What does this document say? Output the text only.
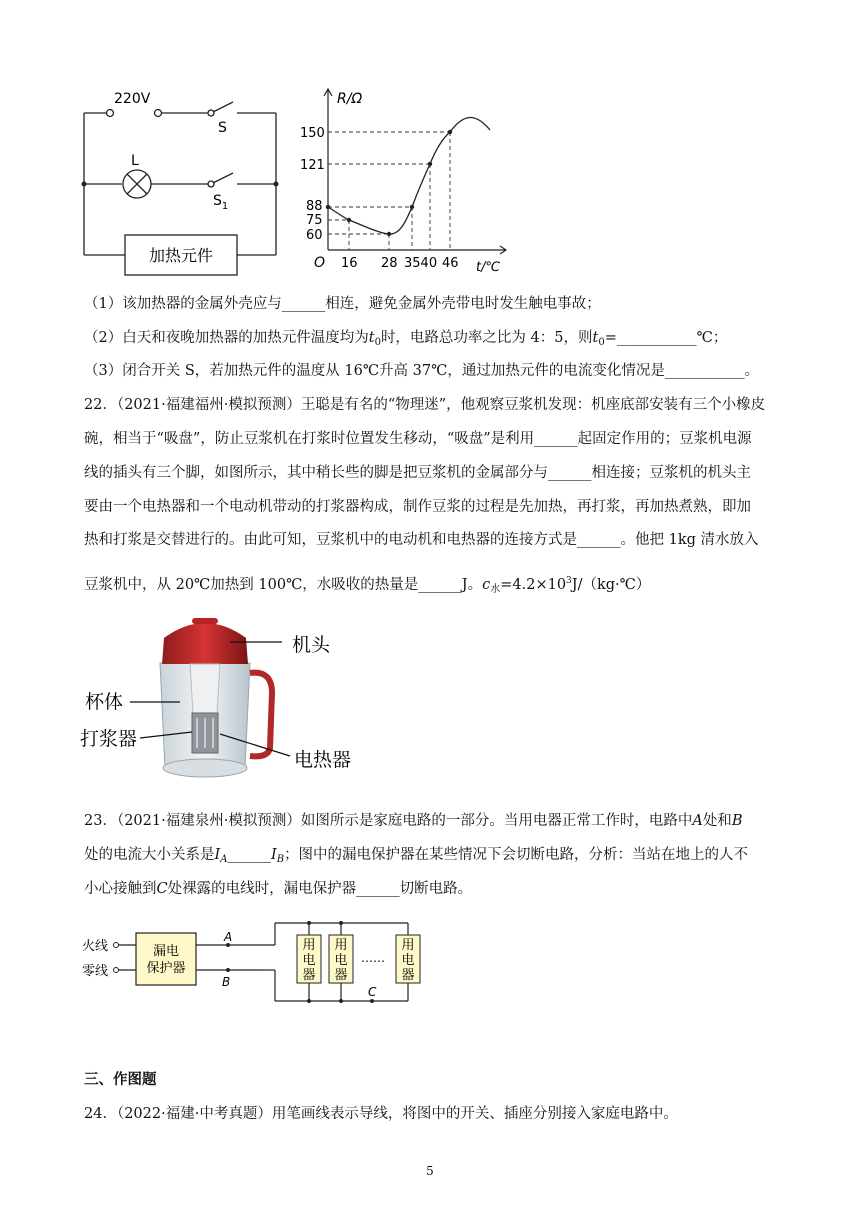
220V
S
L
$S_1$
加热元件
R/Ω
150
121
88
75
60
O 16 28 3540 46 t/℃
（1）该加热器的金属外壳应与______相连，避免金属外壳带电时发生触电事故；
（2）白天和夜晚加热器的加热元件温度均为$t_0$时，电路总功率之比为 4：5，则$t_0=\_\_\_\_\_\_\_\_\_\_\_℃$；
（3）闭合开关 S，若加热元件的温度从 16℃升高 37℃，通过加热元件的电流变化情况是___________。
22．（2021·福建福州·模拟预测）王聪是有名的“物理迷”，他观察豆浆机发现：机座底部安装有三个小橡皮
碗，相当于“吸盘”，防止豆浆机在打浆时位置发生移动，“吸盘”是利用______起固定作用的；豆浆机电源
线的插头有三个脚，如图所示，其中稍长些的脚是把豆浆机的金属部分与______相连接；豆浆机的机头主
要由一个电热器和一个电动机带动的打浆器构成，制作豆浆的过程是先加热，再打浆，再加热煮熟，即加
热和打浆是交替进行的。由此可知，豆浆机中的电动机和电热器的连接方式是______。他把 1kg 清水放入
豆浆机中，从 20℃加热到 100℃，水吸收的热量是______J。$c_水=4.2\times 10^3J/(kg\cdot℃)$
机头
杯体
打浆器
电热器
23．（2021·福建泉州·模拟预测）如图所示是家庭电路的一部分。当用电器正常工作时，电路中A处和B
处的电流大小关系是$I_A\_\_\_\_\_\_I_B$；图中的漏电保护器在某些情况下会切断电路，分析：当站在地上的人不
小心接触到C处裸露的电线时，漏电保护器______切断电路。
火线
零线
漏电
保护器
A
B
C
用
电
器
用
电
器
用
电
器
……
三、作图题
24．（2022·福建·中考真题）用笔画线表示导线，将图中的开关、插座分别接入家庭电路中。
5
